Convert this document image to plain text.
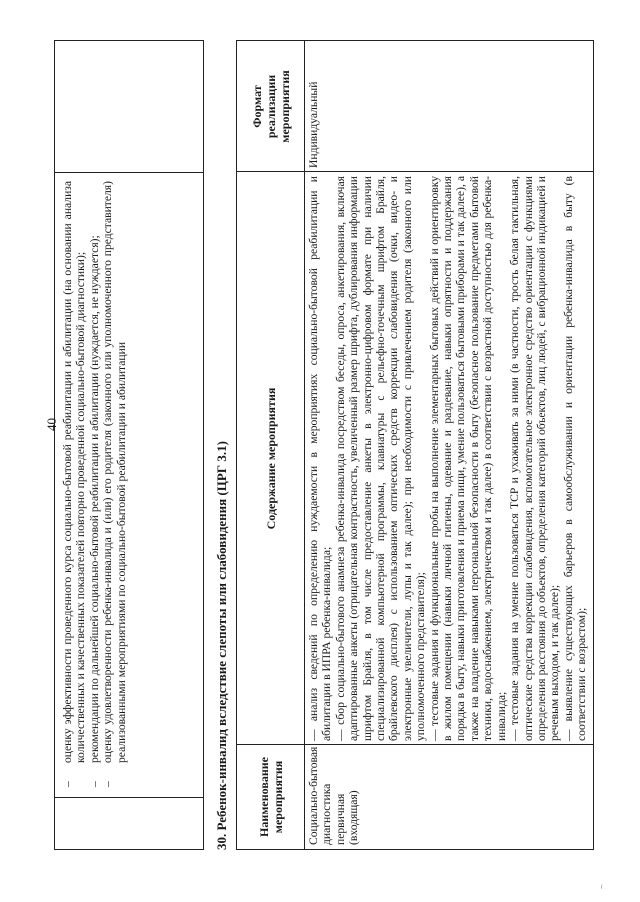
40
–
оценку эффективности проведенного курса социально-бытовой реабилитации и абилитации (на основании анализа количественных и качественных показателей повторно проведенной социально-бытовой диагностики);
–
рекомендации по дальнейшей социально-бытовой реабилитации и абилитации (нуждается, не нуждается);
–
оценку удовлетворенности ребенка-инвалида и (или) его родителя (законного или уполномоченного представителя) реализованными мероприятиями по социально-бытовой реабилитации и абилитации	30. Ребенок-инвалид вследствие слепоты или слабовидения (ЦРГ 3.1) Наименование мероприятия
Содержание мероприятия
Формат реализации мероприятия
Социально-бытовая диагностика первичная (входящая)

— анализ сведений по определению нуждаемости в мероприятиях социально-бытовой реабилитации и абилитации в ИПРА ребенка-инвалида; — сбор социально-бытового анамнеза ребенка-инвалида посредством беседы, опроса, анкетирования, включая адаптированные анкеты (отрицательная контрастность, увеличенный размер шрифта, дублирования информации шрифтом Брайля, в том числе предоставление анкеты в электронно-цифровом формате при наличии специализированной компьютерной программы, клавиатуры с рельефно-точечным шрифтом Брайля, брайлевского дисплея) с использованием оптических средств коррекции слабовидения (очки, видео- и электронные увеличители, лупы и так далее); при необходимости с привлечением родителя (законного или уполномоченного представителя); — тестовые задания и функциональные пробы на выполнение элементарных бытовых действий и ориентировку в жилом помещении (навыки личной гигиены, одевание и раздевание, навыки опрятности и поддержания порядка в быту, навыки приготовления и приема пищи, умение пользоваться бытовыми приборами и так далее), а также на владение навыками персональной безопасности в быту (безопасное пользование предметами бытовой техники, водоснабжением, электричеством и так далее) в соответствии с возрастной доступностью для ребенка-инвалида; — тестовые задания на умение пользоваться ТСР и ухаживать за ними (в частности, трость белая тактильная, оптические средства коррекции слабовидения, вспомогательное электронное средство ориентации с функциями определения расстояния до объектов, определения категорий объектов, лиц людей, с вибрационной индикацией и речевым выходом, и так далее); — выявление существующих барьеров в самообслуживании и ориентации ребенка-инвалида в быту (в соответствии с возрастом);

Индивидуальный
⸝
